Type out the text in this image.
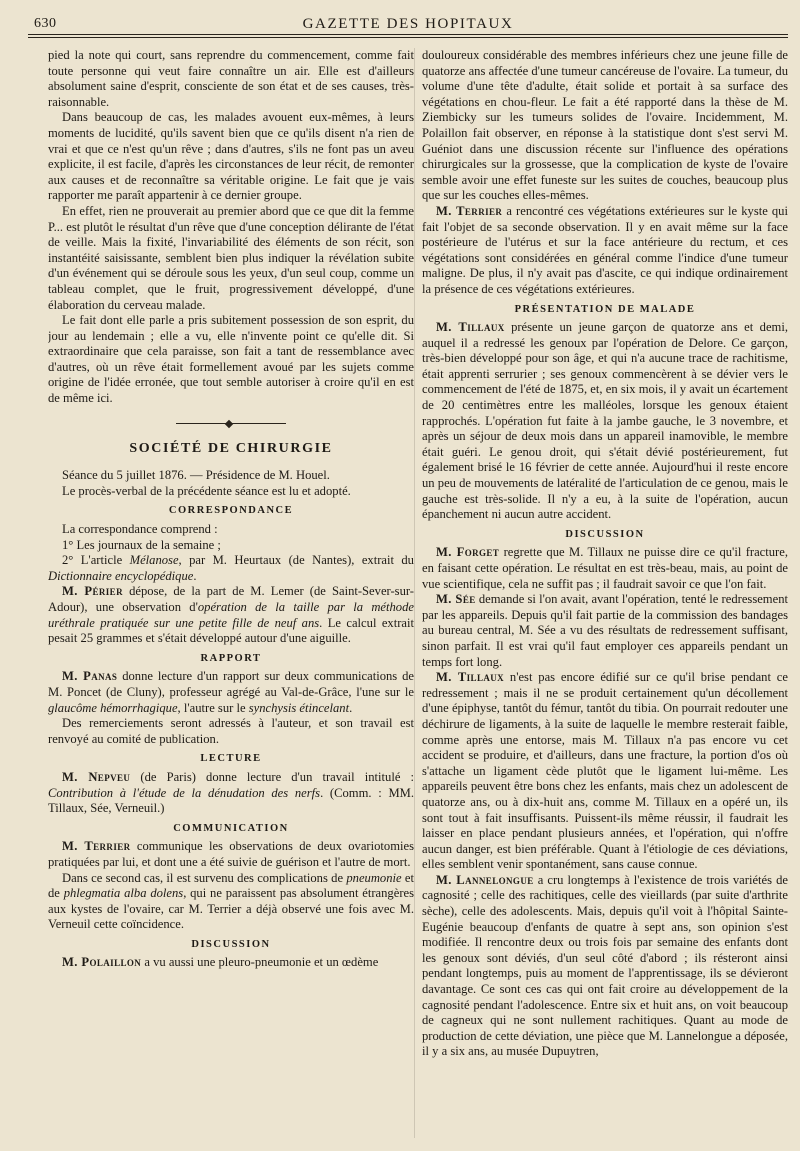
630	GAZETTE DES HOPITAUX

pied la note qui court, sans reprendre du commencement, comme fait toute personne qui veut faire connaître un air. Elle est d'ailleurs absolument saine d'esprit, consciente de son état et de ses causes, très-raisonnable.

Dans beaucoup de cas, les malades avouent eux-mêmes, à leurs moments de lucidité, qu'ils savent bien que ce qu'ils disent n'a rien de vrai et que ce n'est qu'un rêve ; dans d'autres, s'ils ne font pas un aveu explicite, il est facile, d'après les circonstances de leur récit, de remonter aux causes et de reconnaître sa véritable origine. Le fait que je vais rapporter me paraît appartenir à ce dernier groupe.

En effet, rien ne prouverait au premier abord que ce que dit la femme P... est plutôt le résultat d'un rêve que d'une conception délirante de l'état de veille. Mais la fixité, l'invariabilité des éléments de son récit, son instantéité saisissante, semblent bien plus indiquer la révélation subite d'un événement qui se déroule sous les yeux, d'un seul coup, comme un tableau complet, que le fruit, progressivement développé, d'une élaboration du cerveau malade.

Le fait dont elle parle a pris subitement possession de son esprit, du jour au lendemain ; elle a vu, elle n'invente point ce qu'elle dit. Si extraordinaire que cela paraisse, son fait a tant de ressemblance avec d'autres, où un rêve était formellement avoué par les sujets comme origine de l'idée erronée, que tout semble autoriser à croire qu'il en est de même ici.

SOCIÉTÉ DE CHIRURGIE

Séance du 5 juillet 1876. — Présidence de M. Houel.

Le procès-verbal de la précédente séance est lu et adopté.

CORRESPONDANCE

La correspondance comprend :

1° Les journaux de la semaine ;

2° L'article Mélanose, par M. Heurtaux (de Nantes), extrait du Dictionnaire encyclopédique.

M. Périer dépose, de la part de M. Lemer (de Saint-Sever-sur-Adour), une observation d'opération de la taille par la méthode uréthrale pratiquée sur une petite fille de neuf ans. Le calcul extrait pesait 25 grammes et s'était développé autour d'une aiguille.

RAPPORT

M. Panas donne lecture d'un rapport sur deux communications de M. Poncet (de Cluny), professeur agrégé au Val-de-Grâce, l'une sur le glaucôme hémorrhagique, l'autre sur le synchysis étincelant.

Des remerciements seront adressés à l'auteur, et son travail est renvoyé au comité de publication.

LECTURE

M. Nepveu (de Paris) donne lecture d'un travail intitulé : Contribution à l'étude de la dénudation des nerfs. (Comm. : MM. Tillaux, Sée, Verneuil.)

COMMUNICATION

M. Terrier communique les observations de deux ovariotomies pratiquées par lui, et dont une a été suivie de guérison et l'autre de mort.

Dans ce second cas, il est survenu des complications de pneumonie et de phlegmatia alba dolens, qui ne paraissent pas absolument étrangères aux kystes de l'ovaire, car M. Terrier a déjà observé une fois avec M. Verneuil cette coïncidence.

DISCUSSION

M. Polaillon a vu aussi une pleuro-pneumonie et un œdème

douloureux considérable des membres inférieurs chez une jeune fille de quatorze ans affectée d'une tumeur cancéreuse de l'ovaire. La tumeur, du volume d'une tête d'adulte, était solide et portait à sa surface des végétations en chou-fleur. Le fait a été rapporté dans la thèse de M. Ziembicky sur les tumeurs solides de l'ovaire. Incidemment, M. Polaillon fait observer, en réponse à la statistique dont s'est servi M. Guéniot dans une discussion récente sur l'influence des opérations chirurgicales sur la grossesse, que la complication de kyste de l'ovaire semble avoir une effet funeste sur les suites de couches, beaucoup plus que sur les couches elles-mêmes.

M. Terrier a rencontré ces végétations extérieures sur le kyste qui fait l'objet de sa seconde observation. Il y en avait même sur la face postérieure de l'utérus et sur la face antérieure du rectum, et ces végétations sont considérées en général comme l'indice d'une tumeur maligne. De plus, il n'y avait pas d'ascite, ce qui indique ordinairement la présence de ces végétations extérieures.

PRÉSENTATION DE MALADE

M. Tillaux présente un jeune garçon de quatorze ans et demi, auquel il a redressé les genoux par l'opération de Delore. Ce garçon, très-bien développé pour son âge, et qui n'a aucune trace de rachitisme, était apprenti serrurier ; ses genoux commencèrent à se dévier vers le commencement de l'été de 1875, et, en six mois, il y avait un écartement de 20 centimètres entre les malléoles, lorsque les genoux étaient rapprochés. L'opération fut faite à la jambe gauche, le 3 novembre, et après un séjour de deux mois dans un appareil inamovible, le membre était guéri. Le genou droit, qui s'était dévié postérieurement, fut également brisé le 16 février de cette année. Aujourd'hui il reste encore un peu de mouvements de latéralité de l'articulation de ce genou, mais le gauche est très-solide. Il n'y a eu, à la suite de l'opération, aucun épanchement ni aucun autre accident.

DISCUSSION

M. Forget regrette que M. Tillaux ne puisse dire ce qu'il fracture, en faisant cette opération. Le résultat en est très-beau, mais, au point de vue scientifique, cela ne suffit pas ; il faudrait savoir ce que l'on fait.

M. Sée demande si l'on avait, avant l'opération, tenté le redressement par les appareils. Depuis qu'il fait partie de la commission des bandages au bureau central, M. Sée a vu des résultats de redressement suffisant, sinon parfait. Il est vrai qu'il faut employer ces appareils pendant un temps fort long.

M. Tillaux n'est pas encore édifié sur ce qu'il brise pendant ce redressement ; mais il ne se produit certainement qu'un décollement d'une épiphyse, tantôt du fémur, tantôt du tibia. On pourrait redouter une déchirure de ligaments, à la suite de laquelle le membre resterait faible, comme après une entorse, mais M. Tillaux n'a pas encore vu cet accident se produire, et d'ailleurs, dans une fracture, la portion d'os où s'attache un ligament cède plutôt que le ligament lui-même. Les appareils peuvent être bons chez les enfants, mais chez un adolescent de quatorze ans, ou à dix-huit ans, comme M. Tillaux en a opéré un, ils sont tout à fait insuffisants. Puissent-ils même réussir, il faudrait les laisser en place pendant plusieurs années, et l'opération, qui n'offre aucun danger, est bien préférable. Quant à l'étiologie de ces déviations, elles semblent venir spontanément, sans cause connue.

M. Lannelongue a cru longtemps à l'existence de trois variétés de cagnosité ; celle des rachitiques, celle des vieillards (par suite d'arthrite sèche), celle des adolescents. Mais, depuis qu'il voit à l'hôpital Sainte-Eugénie beaucoup d'enfants de quatre à sept ans, son opinion s'est modifiée. Il rencontre deux ou trois fois par semaine des enfants dont les genoux sont déviés, d'un seul côté d'abord ; ils résteront ainsi pendant longtemps, puis au moment de l'apprentissage, ils se dévieront davantage. Ce sont ces cas qui ont fait croire au développement de la cagnosité pendant l'adolescence. Entre six et huit ans, on voit beaucoup de cagneux qui ne sont nullement rachitiques. Quant au mode de production de cette déviation, une pièce que M. Lannelongue a déposée, il y a six ans, au musée Dupuytren,
